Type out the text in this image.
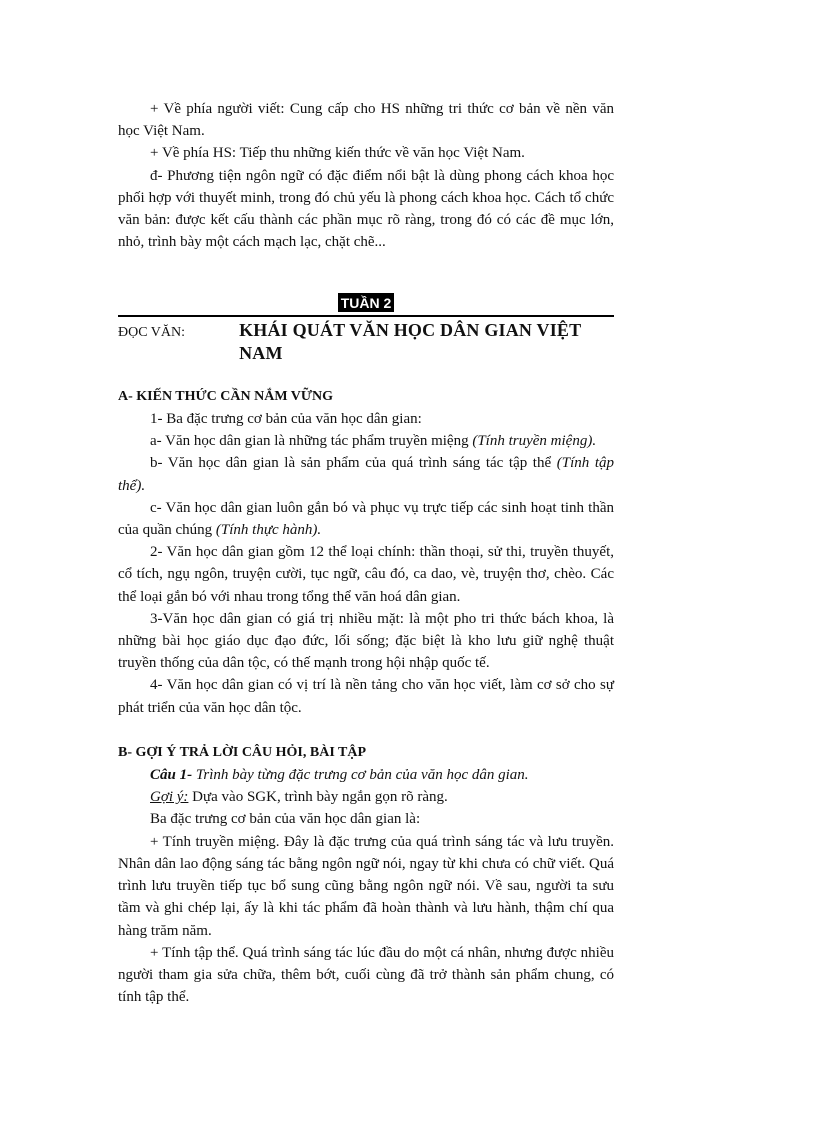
+ Về phía người viết: Cung cấp cho HS những tri thức cơ bản về nền văn học Việt Nam.

+ Về phía HS: Tiếp thu những kiến thức về văn học Việt Nam.

đ- Phương tiện ngôn ngữ có đặc điểm nổi bật là dùng phong cách khoa học phối hợp với thuyết minh, trong đó chủ yếu là phong cách khoa học. Cách tổ chức văn bản: được kết cấu thành các phần mục rõ ràng, trong đó có các đề mục lớn, nhỏ, trình bày một cách mạch lạc, chặt chẽ...

TUẦN 2
ĐỌC VĂN:	KHÁI QUÁT VĂN HỌC DÂN GIAN VIỆT NAM

A- KIẾN THỨC CẦN NẮM VỮNG

1- Ba đặc trưng cơ bản của văn học dân gian:

a- Văn học dân gian là những tác phẩm truyền miệng (Tính truyền miệng).

b- Văn học dân gian là sản phẩm của quá trình sáng tác tập thể (Tính tập thể).

c- Văn học dân gian luôn gắn bó và phục vụ trực tiếp các sinh hoạt tinh thần của quần chúng (Tính thực hành).

2- Văn học dân gian gồm 12 thể loại chính: thần thoại, sử thi, truyền thuyết, cổ tích, ngụ ngôn, truyện cười, tục ngữ, câu đó, ca dao, vè, truyện thơ, chèo. Các thể loại gắn bó với nhau trong tổng thể văn hoá dân gian.

3-Văn học dân gian có giá trị nhiều mặt: là một pho tri thức bách khoa, là những bài học giáo dục đạo đức, lối sống; đặc biệt là kho lưu giữ nghệ thuật truyền thống của dân tộc, có thế mạnh trong hội nhập quốc tế.

4- Văn học dân gian có vị trí là nền tảng cho văn học viết, làm cơ sở cho sự phát triển của văn học dân tộc.

B- GỢI Ý TRẢ LỜI CÂU HỎI, BÀI TẬP

Câu 1- Trình bày từng đặc trưng cơ bản của văn học dân gian.

Gợi ý: Dựa vào SGK, trình bày ngắn gọn rõ ràng.

Ba đặc trưng cơ bản của văn học dân gian là:

+ Tính truyền miệng. Đây là đặc trưng của quá trình sáng tác và lưu truyền. Nhân dân lao động sáng tác bằng ngôn ngữ nói, ngay từ khi chưa có chữ viết. Quá trình lưu truyền tiếp tục bổ sung cũng bằng ngôn ngữ nói. Về sau, người ta sưu tầm và ghi chép lại, ấy là khi tác phẩm đã hoàn thành và lưu hành, thậm chí qua hàng trăm năm.

+ Tính tập thể. Quá trình sáng tác lúc đầu do một cá nhân, nhưng được nhiều người tham gia sửa chữa, thêm bớt, cuối cùng đã trở thành sản phẩm chung, có tính tập thể.
